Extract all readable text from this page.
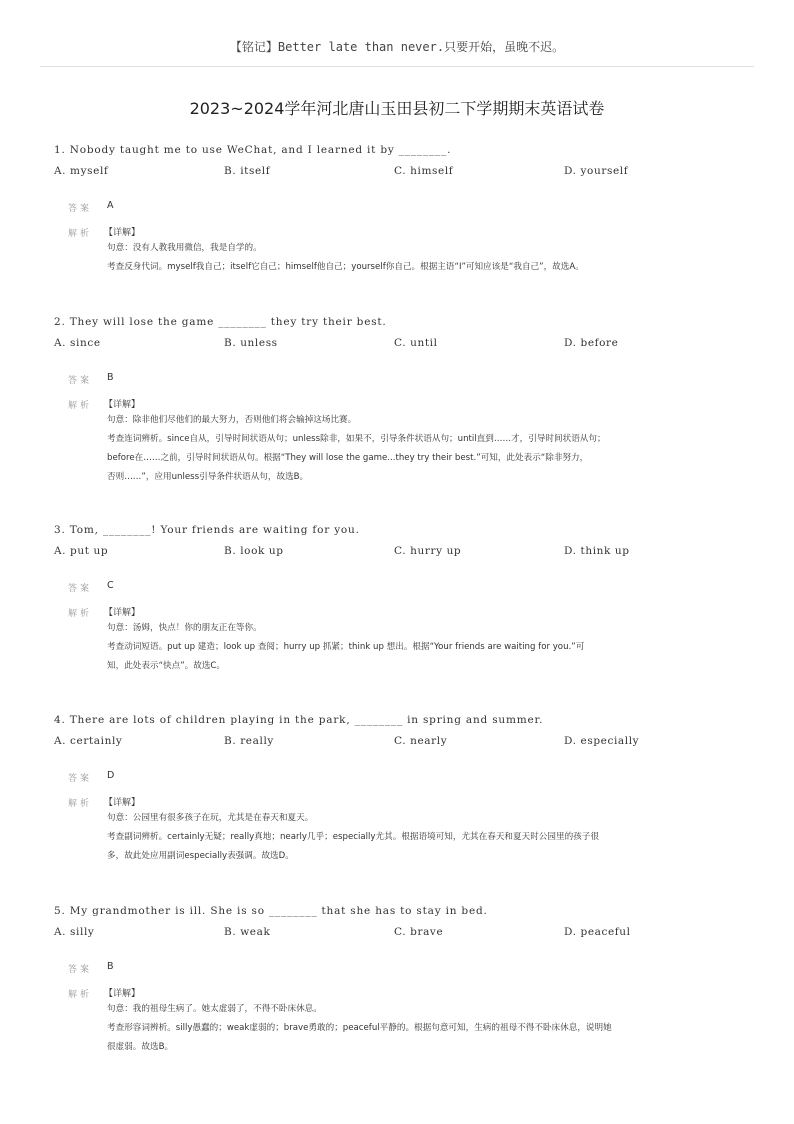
【铭记】Better late than never.只要开始，虽晚不迟。
2023~2024学年河北唐山玉田县初二下学期期末英语试卷
1. Nobody taught me to use WeChat, and I learned it by ________.
A. myself	B. itself	C. himself	D. yourself
答案 A
解析 【详解】
句意：没有人教我用微信，我是自学的。
考查反身代词。myself我自己；itself它自己；himself他自己；yourself你自己。根据主语“I”可知应该是“我自己”，故选A。
2. They will lose the game ________ they try their best.
A. since	B. unless	C. until	D. before
答案 B
解析 【详解】
句意：除非他们尽他们的最大努力，否则他们将会输掉这场比赛。
考查连词辨析。since自从，引导时间状语从句；unless除非，如果不，引导条件状语从句；until直到……才，引导时间状语从句；
before在……之前，引导时间状语从句。根据“They will lose the game...they try their best.”可知，此处表示“除非努力，
否则……”，应用unless引导条件状语从句，故选B。
3. Tom, ________! Your friends are waiting for you.
A. put up	B. look up	C. hurry up	D. think up
答案 C
解析 【详解】
句意：汤姆，快点！你的朋友正在等你。
考查动词短语。put up 建造；look up 查阅；hurry up 抓紧；think up 想出。根据“Your friends are waiting for you.”可
知，此处表示“快点”。故选C。
4. There are lots of children playing in the park, ________ in spring and summer.
A. certainly	B. really	C. nearly	D. especially
答案 D
解析 【详解】
句意：公园里有很多孩子在玩，尤其是在春天和夏天。
考查副词辨析。certainly无疑；really真地；nearly几乎；especially尤其。根据语境可知，尤其在春天和夏天时公园里的孩子很
多，故此处应用副词especially表强调。故选D。
5. My grandmother is ill. She is so ________ that she has to stay in bed.
A. silly	B. weak	C. brave	D. peaceful
答案 B
解析 【详解】
句意：我的祖母生病了。她太虚弱了，不得不卧床休息。
考查形容词辨析。silly愚蠢的；weak虚弱的；brave勇敢的；peaceful平静的。根据句意可知，生病的祖母不得不卧床休息，说明她
很虚弱。故选B。
